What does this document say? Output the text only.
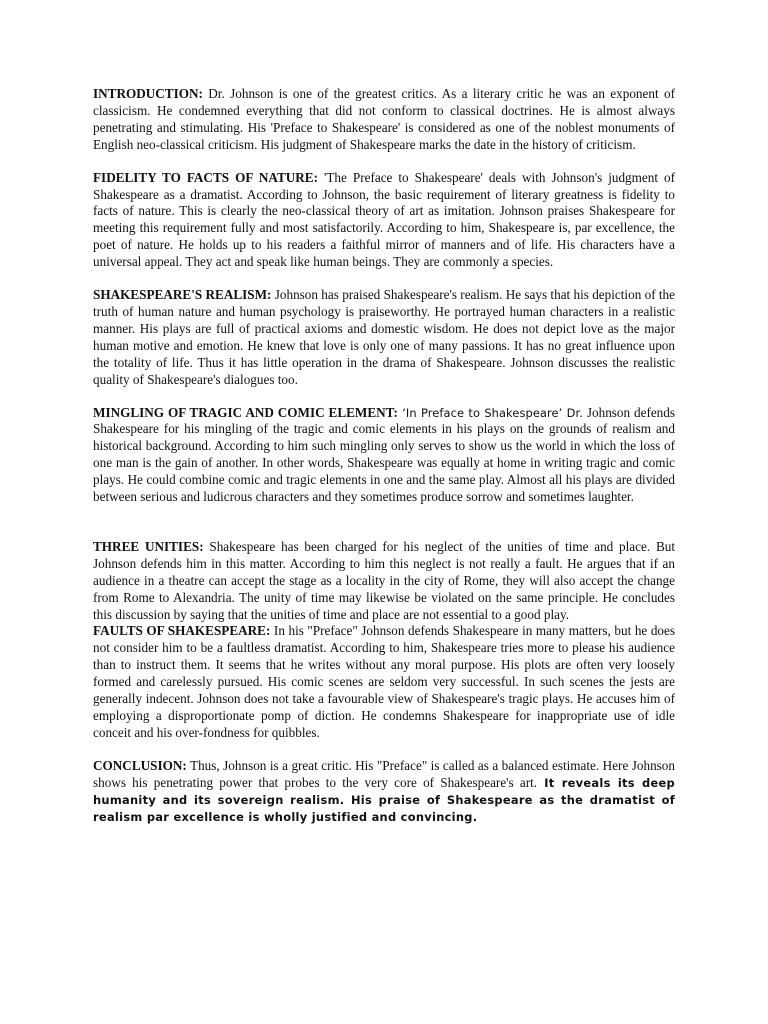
INTRODUCTION: Dr. Johnson is one of the greatest critics. As a literary critic he was an exponent of classicism. He condemned everything that did not conform to classical doctrines. He is almost always penetrating and stimulating. His 'Preface to Shakespeare' is considered as one of the noblest monuments of English neo-classical criticism. His judgment of Shakespeare marks the date in the history of criticism.

FIDELITY TO FACTS OF NATURE: 'The Preface to Shakespeare' deals with Johnson's judgment of Shakespeare as a dramatist. According to Johnson, the basic requirement of literary greatness is fidelity to facts of nature. This is clearly the neo-classical theory of art as imitation. Johnson praises Shakespeare for meeting this requirement fully and most satisfactorily. According to him, Shakespeare is, par excellence, the poet of nature. He holds up to his readers a faithful mirror of manners and of life. His characters have a universal appeal. They act and speak like human beings. They are commonly a species.

SHAKESPEARE'S REALISM: Johnson has praised Shakespeare's realism. He says that his depiction of the truth of human nature and human psychology is praiseworthy. He portrayed human characters in a realistic manner. His plays are full of practical axioms and domestic wisdom. He does not depict love as the major human motive and emotion. He knew that love is only one of many passions. It has no great influence upon the totality of life. Thus it has little operation in the drama of Shakespeare. Johnson discusses the realistic quality of Shakespeare's dialogues too.

MINGLING OF TRAGIC AND COMIC ELEMENT: ‘In Preface to Shakespeare’ Dr. Johnson defends Shakespeare for his mingling of the tragic and comic elements in his plays on the grounds of realism and historical background. According to him such mingling only serves to show us the world in which the loss of one man is the gain of another. In other words, Shakespeare was equally at home in writing tragic and comic plays. He could combine comic and tragic elements in one and the same play. Almost all his plays are divided between serious and ludicrous characters and they sometimes produce sorrow and sometimes laughter.

THREE UNITIES: Shakespeare has been charged for his neglect of the unities of time and place. But Johnson defends him in this matter. According to him this neglect is not really a fault. He argues that if an audience in a theatre can accept the stage as a locality in the city of Rome, they will also accept the change from Rome to Alexandria. The unity of time may likewise be violated on the same principle. He concludes this discussion by saying that the unities of time and place are not essential to a good play.

FAULTS OF SHAKESPEARE: In his "Preface" Johnson defends Shakespeare in many matters, but he does not consider him to be a faultless dramatist. According to him, Shakespeare tries more to please his audience than to instruct them. It seems that he writes without any moral purpose. His plots are often very loosely formed and carelessly pursued. His comic scenes are seldom very successful. In such scenes the jests are generally indecent. Johnson does not take a favourable view of Shakespeare's tragic plays. He accuses him of employing a disproportionate pomp of diction. He condemns Shakespeare for inappropriate use of idle conceit and his over-fondness for quibbles.

CONCLUSION: Thus, Johnson is a great critic. His "Preface" is called as a balanced estimate. Here Johnson shows his penetrating power that probes to the very core of Shakespeare's art. It reveals its deep humanity and its sovereign realism. His praise of Shakespeare as the dramatist of realism par excellence is wholly justified and convincing.
